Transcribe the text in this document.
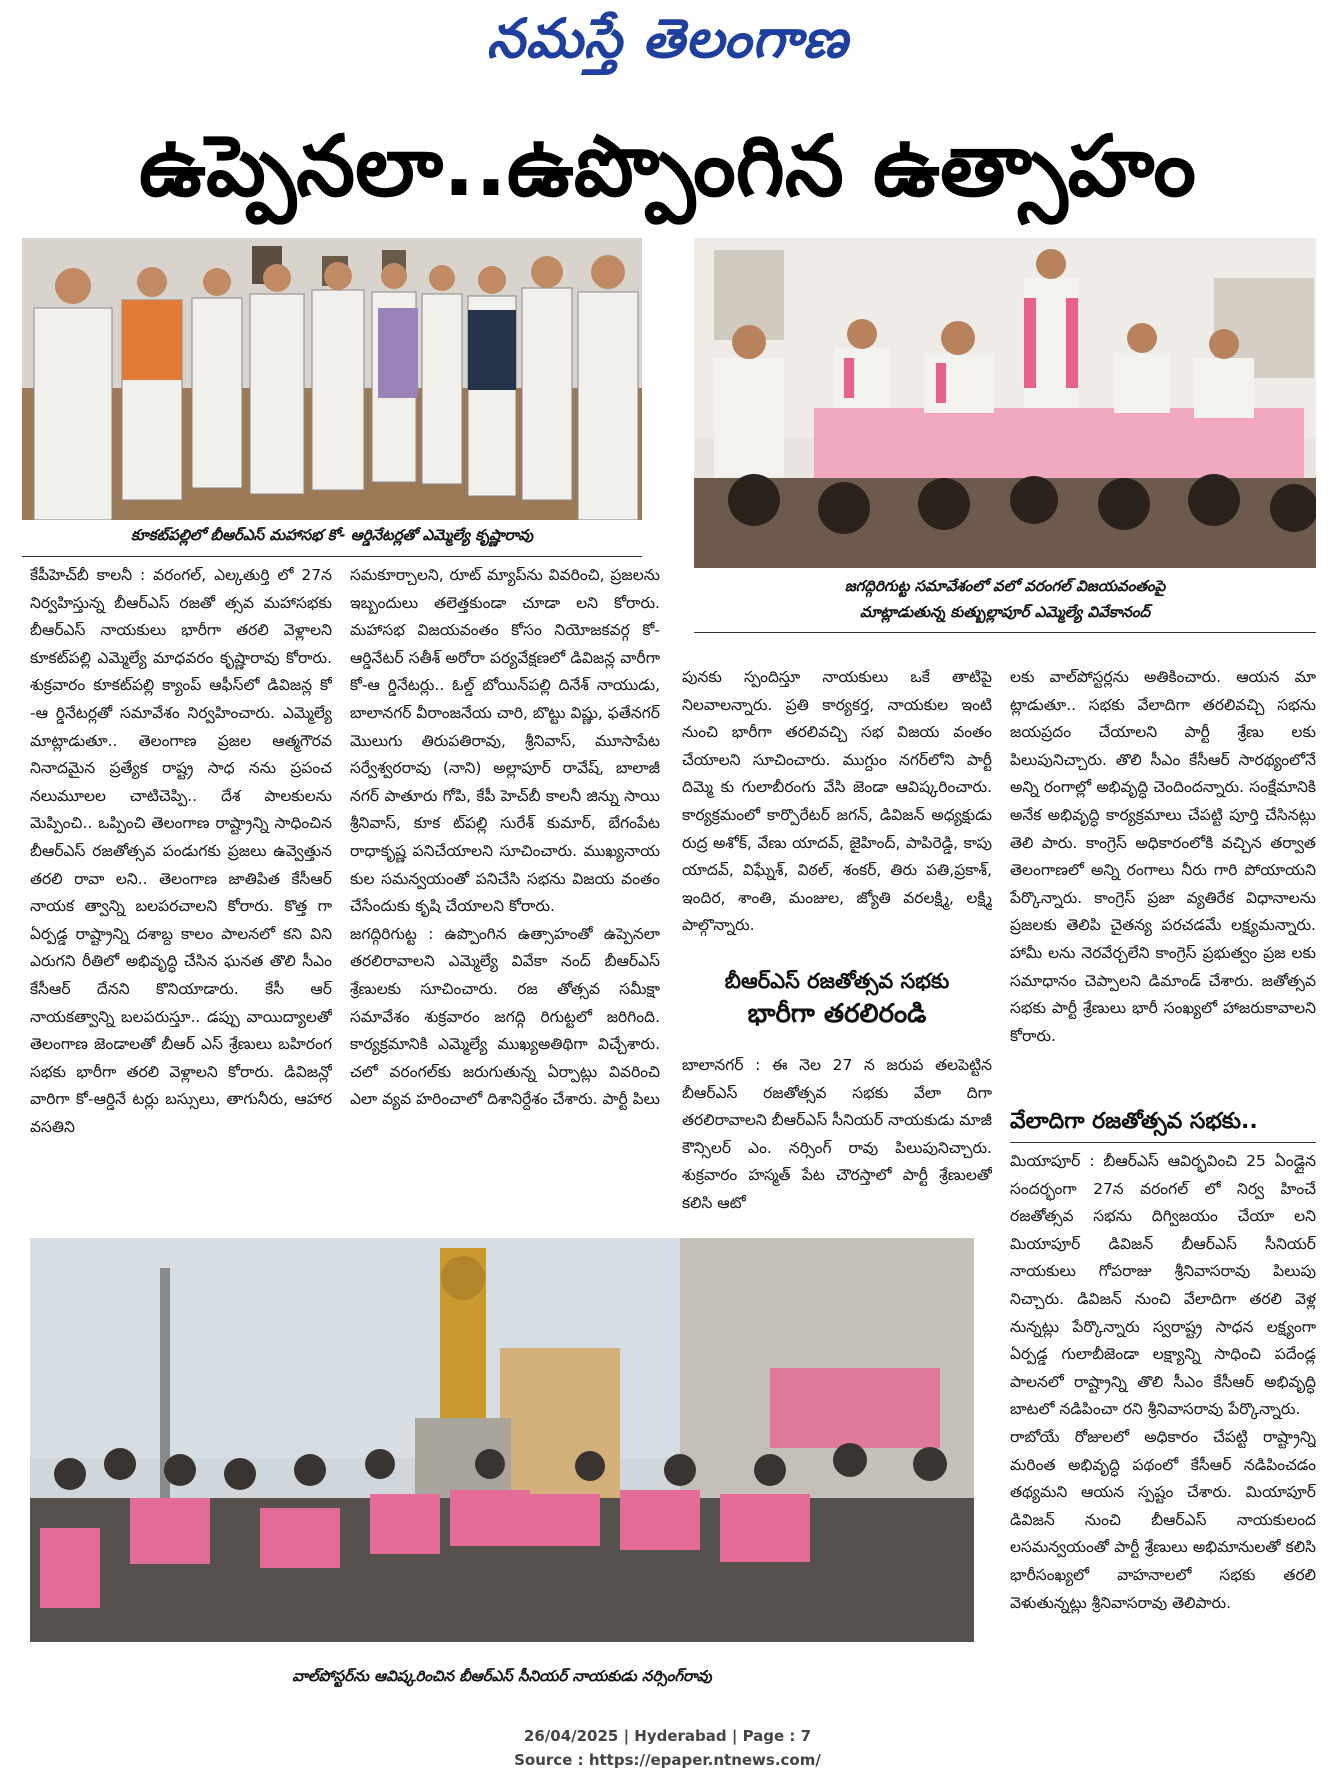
నమస్తే తెలంగాణ
ఉప్పెనలా..ఉప్పొంగిన ఉత్సాహం
కూకట్‌పల్లిలో బీఆర్‌ఎస్ మహాసభ కో- ఆర్డినేటర్లతో ఎమ్మెల్యే కృష్ణారావు
జగద్గిరిగుట్ట సమావేశంలో వలో వరంగల్ విజయవంతంపై
మాట్లాడుతున్న కుత్బుల్లాపూర్ ఎమ్మెల్యే వివేకానంద్
కేపీహెచ్‌బీ కాలనీ : వరంగల్, ఎల్కతుర్తి లో 27న నిర్వహిస్తున్న బీఆర్‌ఎస్ రజతో త్సవ మహాసభకు బీఆర్‌ఎస్ నాయకులు భారీగా తరలి వెళ్లాలని కూకట్‌పల్లి ఎమ్మెల్యే మాధవరం కృష్ణారావు కోరారు. శుక్రవారం కూకట్‌పల్లి క్యాంప్ ఆఫీస్‌లో డివిజన్ల కో -ఆ ర్డినేటర్లతో సమావేశం నిర్వహించారు. ఎమ్మెల్యే మాట్లాడుతూ.. తెలంగాణ ప్రజల ఆత్మగౌరవ నినాదమైన ప్రత్యేక రాష్ట్ర సాధ నను ప్రపంచ నలుమూలల చాటిచెప్పి.. దేశ పాలకులను మెప్పించి.. ఒప్పించి తెలంగాణ రాష్ట్రాన్ని సాధించిన బీఆర్‌ఎస్ రజతోత్సవ పండుగకు ప్రజలు ఉవ్వెత్తున తరలి రావా లని.. తెలంగాణ జాతిపిత కేసీఆర్ నాయక త్వాన్ని బలపరచాలని కోరారు. కొత్త గా ఏర్పడ్డ రాష్ట్రాన్ని దశాబ్ద కాలం పాలనలో కని విని ఎరుగని రీతిలో అభివృద్ధి చేసిన ఘనత తొలి సీఎం కేసీఆర్ దేనని కొనియాడారు. కేసీ ఆర్ నాయకత్వాన్ని బలపరుస్తూ.. డప్పు వాయిద్యాలతో తెలంగాణ జెండాలతో బీఆర్ ఎస్ శ్రేణులు బహిరంగ సభకు భారీగా తరలి వెళ్లాలని కోరారు. డివిజన్లో వారిగా కో-ఆర్డినే టర్లు బస్సులు, తాగునీరు, ఆహార వసతిని
సమకూర్చాలని, రూట్ మ్యాప్‌ను వివరించి, ప్రజలను ఇబ్బందులు తలెత్తకుండా చూడా లని కోరారు. మహాసభ విజయవంతం కోసం నియోజకవర్గ కో- ఆర్డినేటర్ సతీశ్ అరోరా పర్యవేక్షణలో డివిజన్ల వారీగా కో-ఆ ర్డినేటర్లు.. ఓల్డ్ బోయిన్‌పల్లి దినేశ్ నాయుడు, బాలానగర్ వీరాంజనేయ చారి, బొట్టు విష్ణు, ఫతేనగర్ మొలుగు తిరుపతిరావు, శ్రీనివాస్, మూసాపేట సర్వేశ్వరరావు (నాని) అల్లాపూర్ రావేష్, బాలాజీ నగర్ పాతూరు గోపి, కేపీ హెచ్‌బీ కాలనీ జిన్ను సాయి శ్రీనివాస్, కూక ట్‌పల్లి సురేశ్ కుమార్, బేగంపేట రాధాకృష్ణ పనిచేయాలని సూచించారు. ముఖ్యనాయ కుల సమన్వయంతో పనిచేసి సభను విజయ వంతం చేసేందుకు కృషి చేయాలని కోరారు.
జగద్గిరిగుట్ట : ఉప్పొంగిన ఉత్సాహంతో ఉప్పెనలా తరలిరావాలని ఎమ్మెల్యే వివేకా నంద్ బీఆర్‌ఎస్ శ్రేణులకు సూచించారు. రజ తోత్సవ సమీక్షా సమావేశం శుక్రవారం జగద్గి రిగుట్టలో జరిగింది. కార్యక్రమానికి ఎమ్మెల్యే ముఖ్యఅతిథిగా విచ్చేశారు. చలో వరంగల్‌కు జరుగుతున్న ఏర్పాట్లు వివరించి ఎలా వ్యవ హరించాలో దిశానిర్దేశం చేశారు. పార్టీ పిలు
పునకు స్పందిస్తూ నాయకులు ఒకే తాటిపై నిలవాలన్నారు. ప్రతి కార్యకర్త, నాయకుల ఇంటి నుంచి భారీగా తరలివచ్చి సభ విజయ వంతం చేయాలని సూచించారు. ముగ్దుం నగర్‌లోని పార్టీ దిమ్మె కు గులాబీరంగు వేసి జెండా ఆవిష్కరించారు. కార్యక్రమంలో కార్పొరేటర్ జగన్, డివిజన్ అధ్యక్షుడు రుద్ర అశోక్, వేణు యాదవ్, జైహింద్, పాపిరెడ్డి, కాపు యాదవ్, విఘ్నేశ్, విఠల్, శంకర్, తిరు పతి,ప్రకాశ్, ఇందిర, శాంతి, మంజుల, జ్యోతి వరలక్ష్మి, లక్ష్మి పాల్గొన్నారు.
బీఆర్‌ఎస్ రజతోత్సవ సభకు
భారీగా తరలిరండి
బాలానగర్ : ఈ నెల 27 న జరుప తలపెట్టిన బీఆర్‌ఎస్ రజతోత్సవ సభకు వేలా దిగా తరలిరావాలని బీఆర్‌ఎస్ సీనియర్ నాయకుడు మాజీ కౌన్సిలర్ ఎం. నర్సింగ్ రావు పిలుపునిచ్చారు. శుక్రవారం హస్మత్ పేట చౌరస్తాలో పార్టీ శ్రేణులతో కలిసి ఆటో
లకు వాల్‌పోస్టర్లను అతికించారు. ఆయన మా ట్లాడుతూ.. సభకు వేలాదిగా తరలివచ్చి సభను జయప్రదం చేయాలని పార్టీ శ్రేణు లకు పిలుపునిచ్చారు. తొలి సీఎం కేసీఆర్ సారథ్యంలోనే అన్ని రంగాల్లో అభివృద్ధి చెందిందన్నారు. సంక్షేమానికి అనేక అభివృద్ధి కార్యక్రమాలు చేపట్టి పూర్తి చేసినట్లు తెలి పారు. కాంగ్రెస్ అధికారంలోకి వచ్చిన తర్వాత తెలంగాణలో అన్ని రంగాలు నీరు గారి పోయాయని పేర్కొన్నారు. కాంగ్రెస్ ప్రజా వ్యతిరేక విధానాలను ప్రజలకు తెలిపి చైతన్య పరచడమే లక్ష్యమన్నారు. హామీ లను నెరవేర్చలేని కాంగ్రెస్ ప్రభుత్వం ప్రజ లకు సమాధానం చెప్పాలని డిమాండ్ చేశారు. జతోత్సవ సభకు పార్టీ శ్రేణులు భారీ సంఖ్యలో హాజరుకావాలని కోరారు.
వేలాదిగా రజతోత్సవ సభకు..
మియాపూర్ : బీఆర్‌ఎస్ ఆవిర్భవించి 25 ఏండ్లైన సందర్భంగా 27న వరంగల్ లో నిర్వ హించే రజతోత్సవ సభను దిగ్విజయం చేయా లని మియాపూర్ డివిజన్ బీఆర్‌ఎస్ సీనియర్ నాయకులు గోపరాజు శ్రీనివాసరావు పిలుపు నిచ్చారు. డివిజన్ నుంచి వేలాదిగా తరలి వెళ్ల నున్నట్లు పేర్కొన్నారు స్వరాష్ట్ర సాధన లక్ష్యంగా ఏర్పడ్డ గులాబీజెండా లక్ష్యాన్ని సాధించి పదేండ్ల పాలనలో రాష్ట్రాన్ని తొలి సీఎం కేసీఆర్ అభివృద్ధి బాటలో నడిపించా రని శ్రీనివాసరావు పేర్కొన్నారు.
రాబోయే రోజులలో అధికారం చేపట్టి రాష్ట్రాన్ని మరింత అభివృద్ధి పథంలో కేసీఆర్ నడిపించడం తథ్యమని ఆయన స్పష్టం చేశారు. మియాపూర్ డివిజన్ నుంచి బీఆర్‌ఎస్ నాయకులంద లసమన్వయంతో పార్టీ శ్రేణులు అభిమానులతో కలిసి భారీసంఖ్యలో వాహనాలలో సభకు తరలి వెళుతున్నట్లు శ్రీనివాసరావు తెలిపారు.
వాల్‌పోస్టర్‌ను ఆవిష్కరించిన బీఆర్‌ఎస్ సీనియర్ నాయకుడు నర్సింగ్‌రావు
26/04/2025 | Hyderabad | Page : 7
Source : https://epaper.ntnews.com/
